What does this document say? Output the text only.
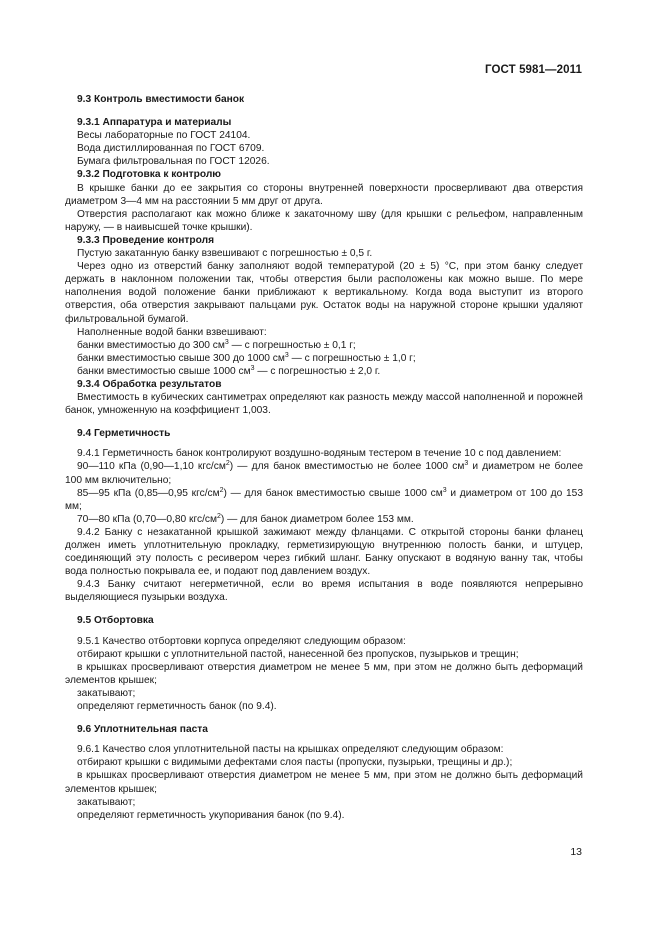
ГОСТ 5981—2011

9.3 Контроль вместимости банок

9.3.1 Аппаратура и материалы

Весы лабораторные по ГОСТ 24104.

Вода дистиллированная по ГОСТ 6709.

Бумага фильтровальная по ГОСТ 12026.

9.3.2 Подготовка к контролю

В крышке банки до ее закрытия со стороны внутренней поверхности просверливают два отверстия диаметром 3—4 мм на расстоянии 5 мм друг от друга.

Отверстия располагают как можно ближе к закаточному шву (для крышки с рельефом, направленным наружу, — в наивысшей точке крышки).

9.3.3 Проведение контроля

Пустую закатанную банку взвешивают с погрешностью ± 0,5 г.

Через одно из отверстий банку заполняют водой температурой (20 ± 5) °С, при этом банку следует держать в наклонном положении так, чтобы отверстия были расположены как можно выше. По мере наполнения водой положение банки приближают к вертикальному. Когда вода выступит из второго отверстия, оба отверстия закрывают пальцами рук. Остаток воды на наружной стороне крышки удаляют фильтровальной бумагой.

Наполненные водой банки взвешивают:

банки вместимостью до 300 $см^3$ — с погрешностью ± 0,1 г;

банки вместимостью свыше 300 до 1000 $см^3$ — с погрешностью ± 1,0 г;

банки вместимостью свыше 1000 $см^3$ — с погрешностью ± 2,0 г.

9.3.4 Обработка результатов

Вместимость в кубических сантиметрах определяют как разность между массой наполненной и порожней банок, умноженную на коэффициент 1,003.

9.4 Герметичность

9.4.1 Герметичность банок контролируют воздушно-водяным тестером в течение 10 с под давлением:

90—110 кПа (0,90—1,10 кгс/$см^2$) — для банок вместимостью не более 1000 $см^3$ и диаметром не более 100 мм включительно;

85—95 кПа (0,85—0,95 кгс/$см^2$) — для банок вместимостью свыше 1000 $см^3$ и диаметром от 100 до 153 мм;

70—80 кПа (0,70—0,80 кгс/$см^2$) — для банок диаметром более 153 мм.

9.4.2 Банку с незакатанной крышкой зажимают между фланцами. С открытой стороны банки фланец должен иметь уплотнительную прокладку, герметизирующую внутреннюю полость банки, и штуцер, соединяющий эту полость с ресивером через гибкий шланг. Банку опускают в водяную ванну так, чтобы вода полностью покрывала ее, и подают под давлением воздух.

9.4.3 Банку считают негерметичной, если во время испытания в воде появляются непрерывно выделяющиеся пузырьки воздуха.

9.5 Отбортовка

9.5.1 Качество отбортовки корпуса определяют следующим образом:

отбирают крышки с уплотнительной пастой, нанесенной без пропусков, пузырьков и трещин;

в крышках просверливают отверстия диаметром не менее 5 мм, при этом не должно быть деформаций элементов крышек;

закатывают;

определяют герметичность банок (по 9.4).

9.6 Уплотнительная паста

9.6.1 Качество слоя уплотнительной пасты на крышках определяют следующим образом:

отбирают крышки с видимыми дефектами слоя пасты (пропуски, пузырьки, трещины и др.);

в крышках просверливают отверстия диаметром не менее 5 мм, при этом не должно быть деформаций элементов крышек;

закатывают;

определяют герметичность укупоривания банок (по 9.4).

13
